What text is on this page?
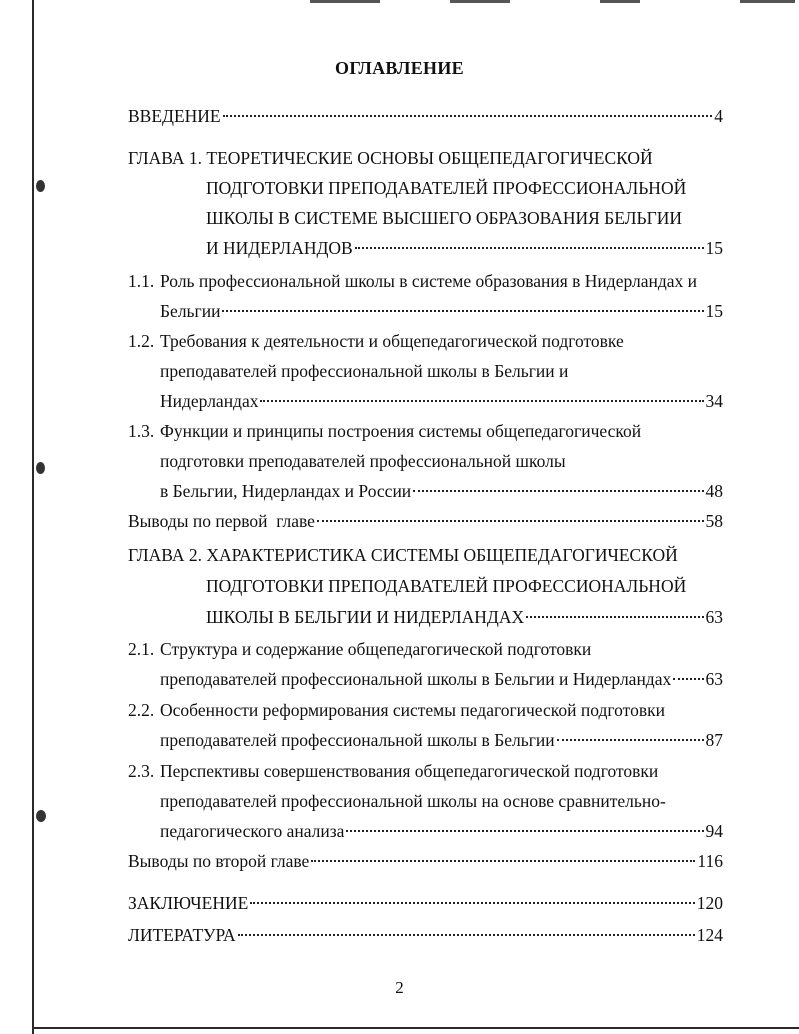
ОГЛАВЛЕНИЕ
ВВЕДЕНИЕ	4
ГЛАВА 1. ТЕОРЕТИЧЕСКИЕ ОСНОВЫ ОБЩЕПЕДАГОГИЧЕСКОЙ
ПОДГОТОВКИ ПРЕПОДАВАТЕЛЕЙ ПРОФЕССИОНАЛЬНОЙ
ШКОЛЫ В СИСТЕМЕ ВЫСШЕГО ОБРАЗОВАНИЯ БЕЛЬГИИ
И НИДЕРЛАНДОВ	15
1.1. Роль профессиональной школы в системе образования в Нидерландах и
Бельгии	15
1.2. Требования к деятельности и общепедагогической подготовке
преподавателей профессиональной школы в Бельгии и
Нидерландах	34
1.3. Функции и принципы построения системы общепедагогической
подготовки преподавателей профессиональной школы
в Бельгии, Нидерландах и России	48
Выводы по первой  главе	58
ГЛАВА 2. ХАРАКТЕРИСТИКА СИСТЕМЫ ОБЩЕПЕДАГОГИЧЕСКОЙ
ПОДГОТОВКИ ПРЕПОДАВАТЕЛЕЙ ПРОФЕССИОНАЛЬНОЙ
ШКОЛЫ В БЕЛЬГИИ И НИДЕРЛАНДАХ	63
2.1. Структура и содержание общепедагогической подготовки
преподавателей профессиональной школы в Бельгии и Нидерландах 63
2.2. Особенности реформирования системы педагогической подготовки
преподавателей профессиональной школы в Бельгии	87
2.3. Перспективы совершенствования общепедагогической подготовки
преподавателей профессиональной школы на основе сравнительно-
педагогического анализа	94
Выводы по второй главе	116
ЗАКЛЮЧЕНИЕ	120
ЛИТЕРАТУРА	124
2
